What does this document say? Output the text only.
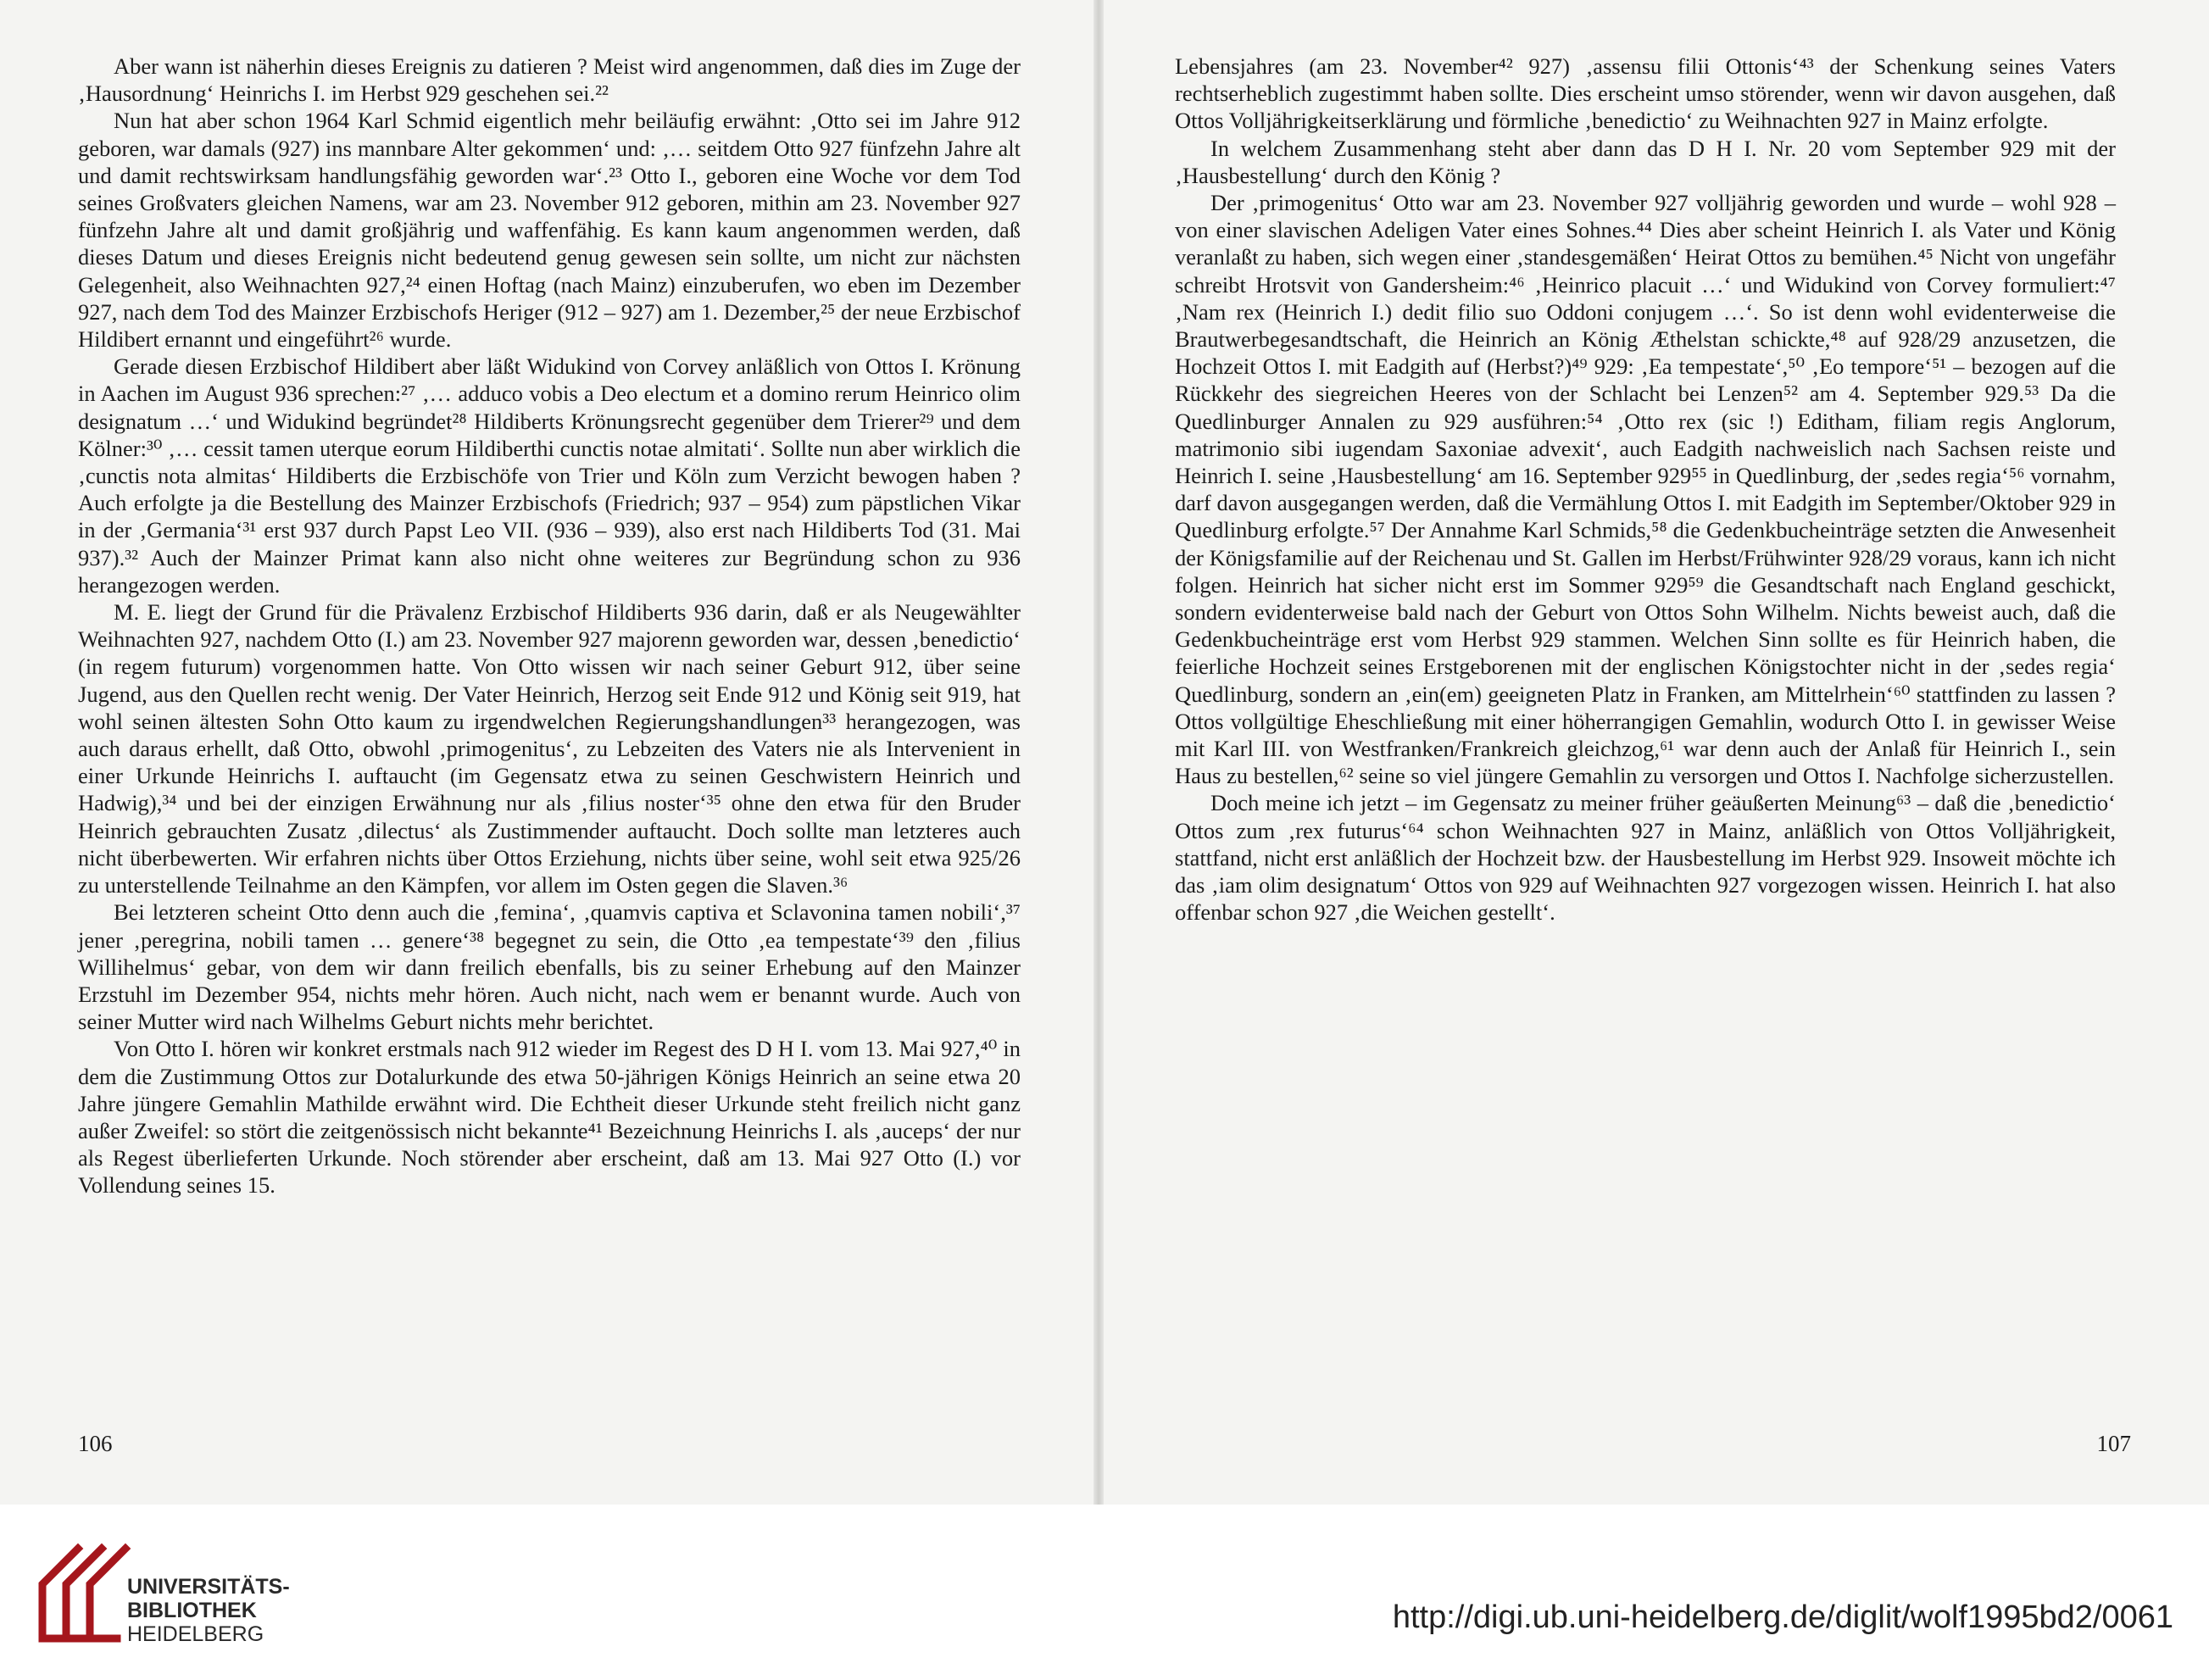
Aber wann ist näherhin dieses Ereignis zu datieren ? Meist wird angenommen, daß dies im Zuge der ‚Hausordnung‘ Heinrichs I. im Herbst 929 geschehen sei.²²

Nun hat aber schon 1964 Karl Schmid eigentlich mehr beiläufig erwähnt: ‚Otto sei im Jahre 912 geboren, war damals (927) ins mannbare Alter gekommen‘ und: ‚… seitdem Otto 927 fünfzehn Jahre alt und damit rechtswirksam handlungsfähig geworden war‘.²³ Otto I., geboren eine Woche vor dem Tod seines Großvaters gleichen Namens, war am 23. November 912 geboren, mithin am 23. November 927 fünfzehn Jahre alt und damit großjährig und waffenfähig. Es kann kaum angenommen werden, daß dieses Datum und dieses Ereignis nicht bedeutend genug gewesen sein sollte, um nicht zur nächsten Gelegenheit, also Weihnachten 927,²⁴ einen Hoftag (nach Mainz) einzuberufen, wo eben im Dezember 927, nach dem Tod des Mainzer Erzbischofs Heriger (912 – 927) am 1. Dezember,²⁵ der neue Erzbischof Hildibert ernannt und eingeführt²⁶ wurde.

Gerade diesen Erzbischof Hildibert aber läßt Widukind von Corvey anläßlich von Ottos I. Krönung in Aachen im August 936 sprechen:²⁷ ‚… adduco vobis a Deo electum et a domino rerum Heinrico olim designatum …‘ und Widukind begründet²⁸ Hildiberts Krönungsrecht gegenüber dem Trierer²⁹ und dem Kölner:³⁰ ‚… cessit tamen uterque eorum Hildiberthi cunctis notae almitati‘. Sollte nun aber wirklich die ‚cunctis nota almitas‘ Hildiberts die Erzbischöfe von Trier und Köln zum Verzicht bewogen haben ? Auch erfolgte ja die Bestellung des Mainzer Erzbischofs (Friedrich; 937 – 954) zum päpstlichen Vikar in der ‚Germania‘³¹ erst 937 durch Papst Leo VII. (936 – 939), also erst nach Hildiberts Tod (31. Mai 937).³² Auch der Mainzer Primat kann also nicht ohne weiteres zur Begründung schon zu 936 herangezogen werden.

M. E. liegt der Grund für die Prävalenz Erzbischof Hildiberts 936 darin, daß er als Neugewählter Weihnachten 927, nachdem Otto (I.) am 23. November 927 majorenn geworden war, dessen ‚benedictio‘ (in regem futurum) vorgenommen hatte. Von Otto wissen wir nach seiner Geburt 912, über seine Jugend, aus den Quellen recht wenig. Der Vater Heinrich, Herzog seit Ende 912 und König seit 919, hat wohl seinen ältesten Sohn Otto kaum zu irgendwelchen Regierungshandlungen³³ herangezogen, was auch daraus erhellt, daß Otto, obwohl ‚primogenitus‘, zu Lebzeiten des Vaters nie als Intervenient in einer Urkunde Heinrichs I. auftaucht (im Gegensatz etwa zu seinen Geschwistern Heinrich und Hadwig),³⁴ und bei der einzigen Erwähnung nur als ‚filius noster‘³⁵ ohne den etwa für den Bruder Heinrich gebrauchten Zusatz ‚dilectus‘ als Zustimmender auftaucht. Doch sollte man letzteres auch nicht überbewerten. Wir erfahren nichts über Ottos Erziehung, nichts über seine, wohl seit etwa 925/26 zu unterstellende Teilnahme an den Kämpfen, vor allem im Osten gegen die Slaven.³⁶

Bei letzteren scheint Otto denn auch die ‚femina‘, ‚quamvis captiva et Sclavonina tamen nobili‘,³⁷ jener ‚peregrina, nobili tamen … genere‘³⁸ begegnet zu sein, die Otto ‚ea tempestate‘³⁹ den ‚filius Willihelmus‘ gebar, von dem wir dann freilich ebenfalls, bis zu seiner Erhebung auf den Mainzer Erzstuhl im Dezember 954, nichts mehr hören. Auch nicht, nach wem er benannt wurde. Auch von seiner Mutter wird nach Wilhelms Geburt nichts mehr berichtet.

Von Otto I. hören wir konkret erstmals nach 912 wieder im Regest des D H I. vom 13. Mai 927,⁴⁰ in dem die Zustimmung Ottos zur Dotalurkunde des etwa 50-jährigen Königs Heinrich an seine etwa 20 Jahre jüngere Gemahlin Mathilde erwähnt wird. Die Echtheit dieser Urkunde steht freilich nicht ganz außer Zweifel: so stört die zeitgenössisch nicht bekannte⁴¹ Bezeichnung Heinrichs I. als ‚auceps‘ der nur als Regest überlieferten Urkunde. Noch störender aber erscheint, daß am 13. Mai 927 Otto (I.) vor Vollendung seines 15.

106

Lebensjahres (am 23. November⁴² 927) ‚assensu filii Ottonis‘⁴³ der Schenkung seines Vaters rechtserheblich zugestimmt haben sollte. Dies erscheint umso störender, wenn wir davon ausgehen, daß Ottos Volljährigkeitserklärung und förmliche ‚benedictio‘ zu Weihnachten 927 in Mainz erfolgte.

In welchem Zusammenhang steht aber dann das D H I. Nr. 20 vom September 929 mit der ‚Hausbestellung‘ durch den König ?

Der ‚primogenitus‘ Otto war am 23. November 927 volljährig geworden und wurde – wohl 928 – von einer slavischen Adeligen Vater eines Sohnes.⁴⁴ Dies aber scheint Heinrich I. als Vater und König veranlaßt zu haben, sich wegen einer ‚standesgemäßen‘ Heirat Ottos zu bemühen.⁴⁵ Nicht von ungefähr schreibt Hrotsvit von Gandersheim:⁴⁶ ‚Heinrico placuit …‘ und Widukind von Corvey formuliert:⁴⁷ ‚Nam rex (Heinrich I.) dedit filio suo Oddoni conjugem …‘. So ist denn wohl evidenterweise die Brautwerbegesandtschaft, die Heinrich an König Æthelstan schickte,⁴⁸ auf 928/29 anzusetzen, die Hochzeit Ottos I. mit Eadgith auf (Herbst?)⁴⁹ 929: ‚Ea tempestate‘,⁵⁰ ‚Eo tempore‘⁵¹ – bezogen auf die Rückkehr des siegreichen Heeres von der Schlacht bei Lenzen⁵² am 4. September 929.⁵³ Da die Quedlinburger Annalen zu 929 ausführen:⁵⁴ ‚Otto rex (sic !) Editham, filiam regis Anglorum, matrimonio sibi iugendam Saxoniae advexit‘, auch Eadgith nachweislich nach Sachsen reiste und Heinrich I. seine ‚Hausbestellung‘ am 16. September 929⁵⁵ in Quedlinburg, der ‚sedes regia‘⁵⁶ vornahm, darf davon ausgegangen werden, daß die Vermählung Ottos I. mit Eadgith im September/Oktober 929 in Quedlinburg erfolgte.⁵⁷ Der Annahme Karl Schmids,⁵⁸ die Gedenkbucheinträge setzten die Anwesenheit der Königsfamilie auf der Reichenau und St. Gallen im Herbst/Frühwinter 928/29 voraus, kann ich nicht folgen. Heinrich hat sicher nicht erst im Sommer 929⁵⁹ die Gesandtschaft nach England geschickt, sondern evidenterweise bald nach der Geburt von Ottos Sohn Wilhelm. Nichts beweist auch, daß die Gedenkbucheinträge erst vom Herbst 929 stammen. Welchen Sinn sollte es für Heinrich haben, die feierliche Hochzeit seines Erstgeborenen mit der englischen Königstochter nicht in der ‚sedes regia‘ Quedlinburg, sondern an ‚ein(em) geeigneten Platz in Franken, am Mittelrhein‘⁶⁰ stattfinden zu lassen ? Ottos vollgültige Eheschließung mit einer höherrangigen Gemahlin, wodurch Otto I. in gewisser Weise mit Karl III. von Westfranken/Frankreich gleichzog,⁶¹ war denn auch der Anlaß für Heinrich I., sein Haus zu bestellen,⁶² seine so viel jüngere Gemahlin zu versorgen und Ottos I. Nachfolge sicherzustellen.

Doch meine ich jetzt – im Gegensatz zu meiner früher geäußerten Meinung⁶³ – daß die ‚benedictio‘ Ottos zum ‚rex futurus‘⁶⁴ schon Weihnachten 927 in Mainz, anläßlich von Ottos Volljährigkeit, stattfand, nicht erst anläßlich der Hochzeit bzw. der Hausbestellung im Herbst 929. Insoweit möchte ich das ‚iam olim designatum‘ Ottos von 929 auf Weihnachten 927 vorgezogen wissen. Heinrich I. hat also offenbar schon 927 ‚die Weichen gestellt‘.

107
UNIVERSITÄTS-
BIBLIOTHEK
HEIDELBERG	http://digi.ub.uni-heidelberg.de/diglit/wolf1995bd2/0061
